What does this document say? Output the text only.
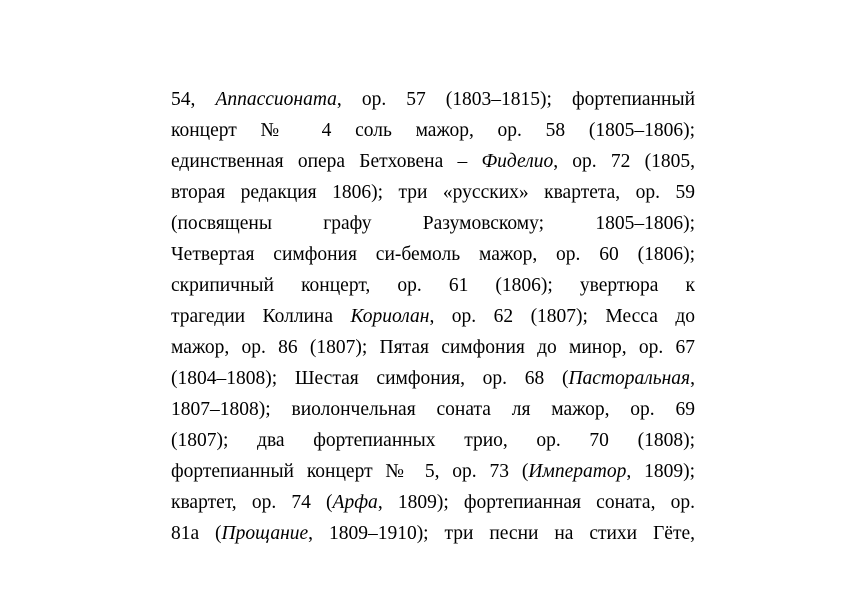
54, Аппассионата, ор. 57 (1803–1815); фортепианный
концерт № 4 соль мажор, ор. 58 (1805–1806);
единственная опера Бетховена – Фиделио, ор. 72 (1805,
вторая редакция 1806); три «русских» квартета, ор. 59
(посвящены графу Разумовскому; 1805–1806);
Четвертая симфония си-бемоль мажор, ор. 60 (1806);
скрипичный концерт, ор. 61 (1806); увертюра к
трагедии Коллина Кориолан, ор. 62 (1807); Месса до
мажор, ор. 86 (1807); Пятая симфония до минор, ор. 67
(1804–1808); Шестая симфония, ор. 68 (Пасторальная,
1807–1808); виолончельная соната ля мажор, ор. 69
(1807); два фортепианных трио, ор. 70 (1808);
фортепианный концерт № 5, ор. 73 (Император, 1809);
квартет, ор. 74 (Арфа, 1809); фортепианная соната, ор.
81а (Прощание, 1809–1910); три песни на стихи Гёте,
